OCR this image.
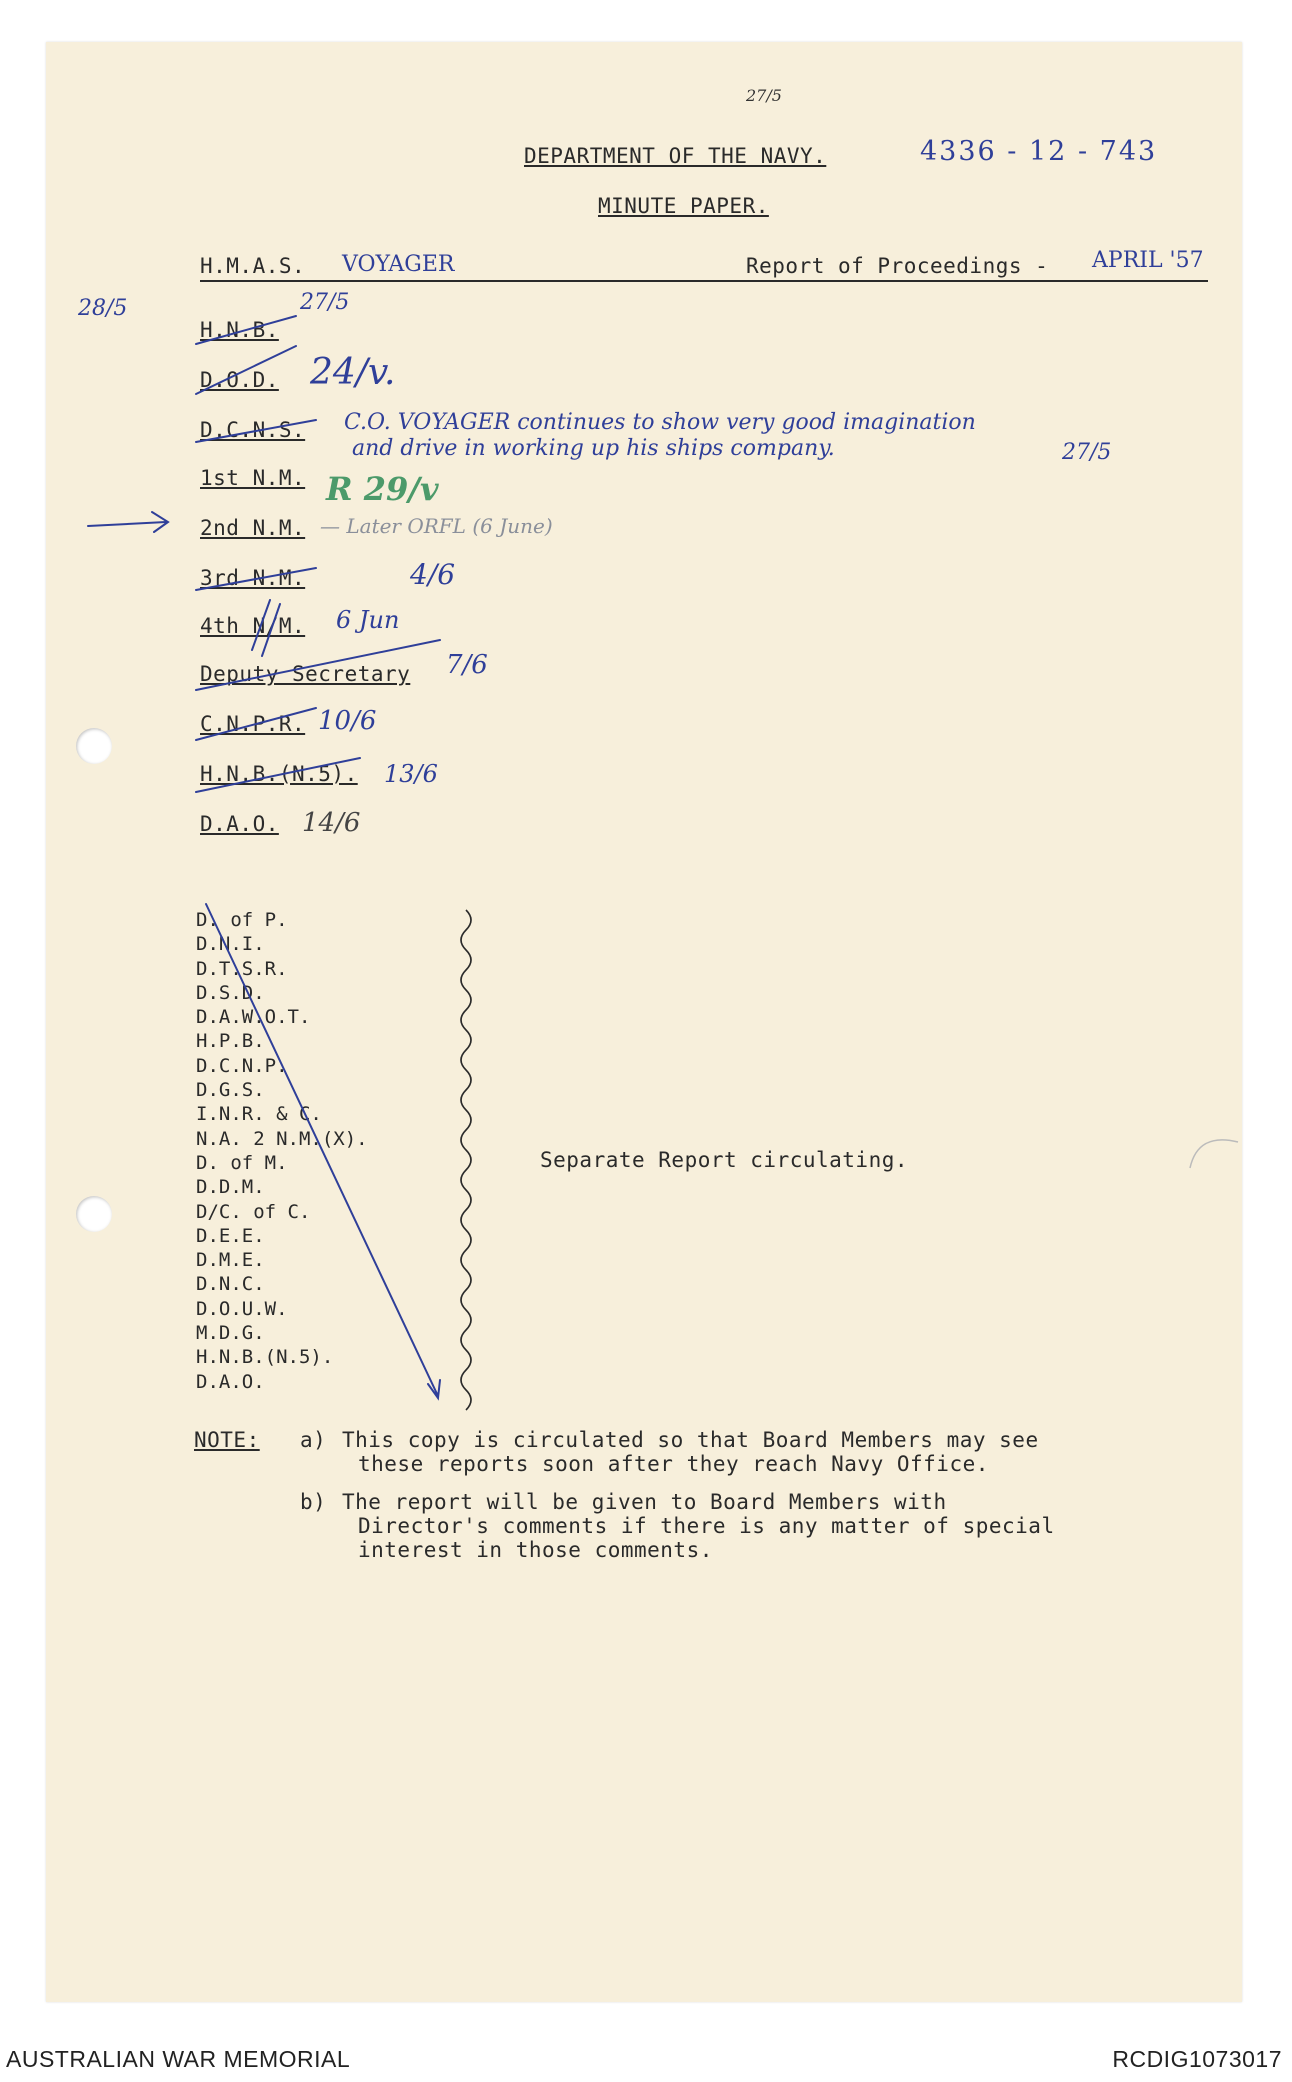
DEPARTMENT OF THE NAVY.	4336 - 12 - 743
27/5
MINUTE PAPER.
H.M.A.S. VOYAGER	Report of Proceedings - APRIL '57
28/5
H.N.B.
27/5
D.O.D. 24/v.
D.C.N.S. C.O. VOYAGER continues to show very good imagination
and drive in working up his ships company.	27/5
1st N.M. R 29/v
2nd N.M. — Later ORFL (6 June)
3rd N.M.	4/6
4th N/M. 6 Jun
Deputy Secretary 7/6
C.N.P.R. 10/6
H.N.B.(N.5). 13/6
D.A.O. 14/6
D. of P.
D.N.I.
D.T.S.R.
D.S.D.
D.A.W.O.T.
H.P.B.
D.C.N.P.
D.G.S.
I.N.R. & C.
N.A. 2 N.M.(X).
D. of M.
D.D.M.
D/C. of C.
D.E.E.
D.M.E.
D.N.C.
D.O.U.W.
M.D.G.
H.N.B.(N.5).
D.A.O.
Separate Report circulating.
NOTE: a) This copy is circulated so that Board Members may see
these reports soon after they reach Navy Office.
b) The report will be given to Board Members with
Director's comments if there is any matter of special
interest in those comments.
AUSTRALIAN WAR MEMORIAL	RCDIG1073017
